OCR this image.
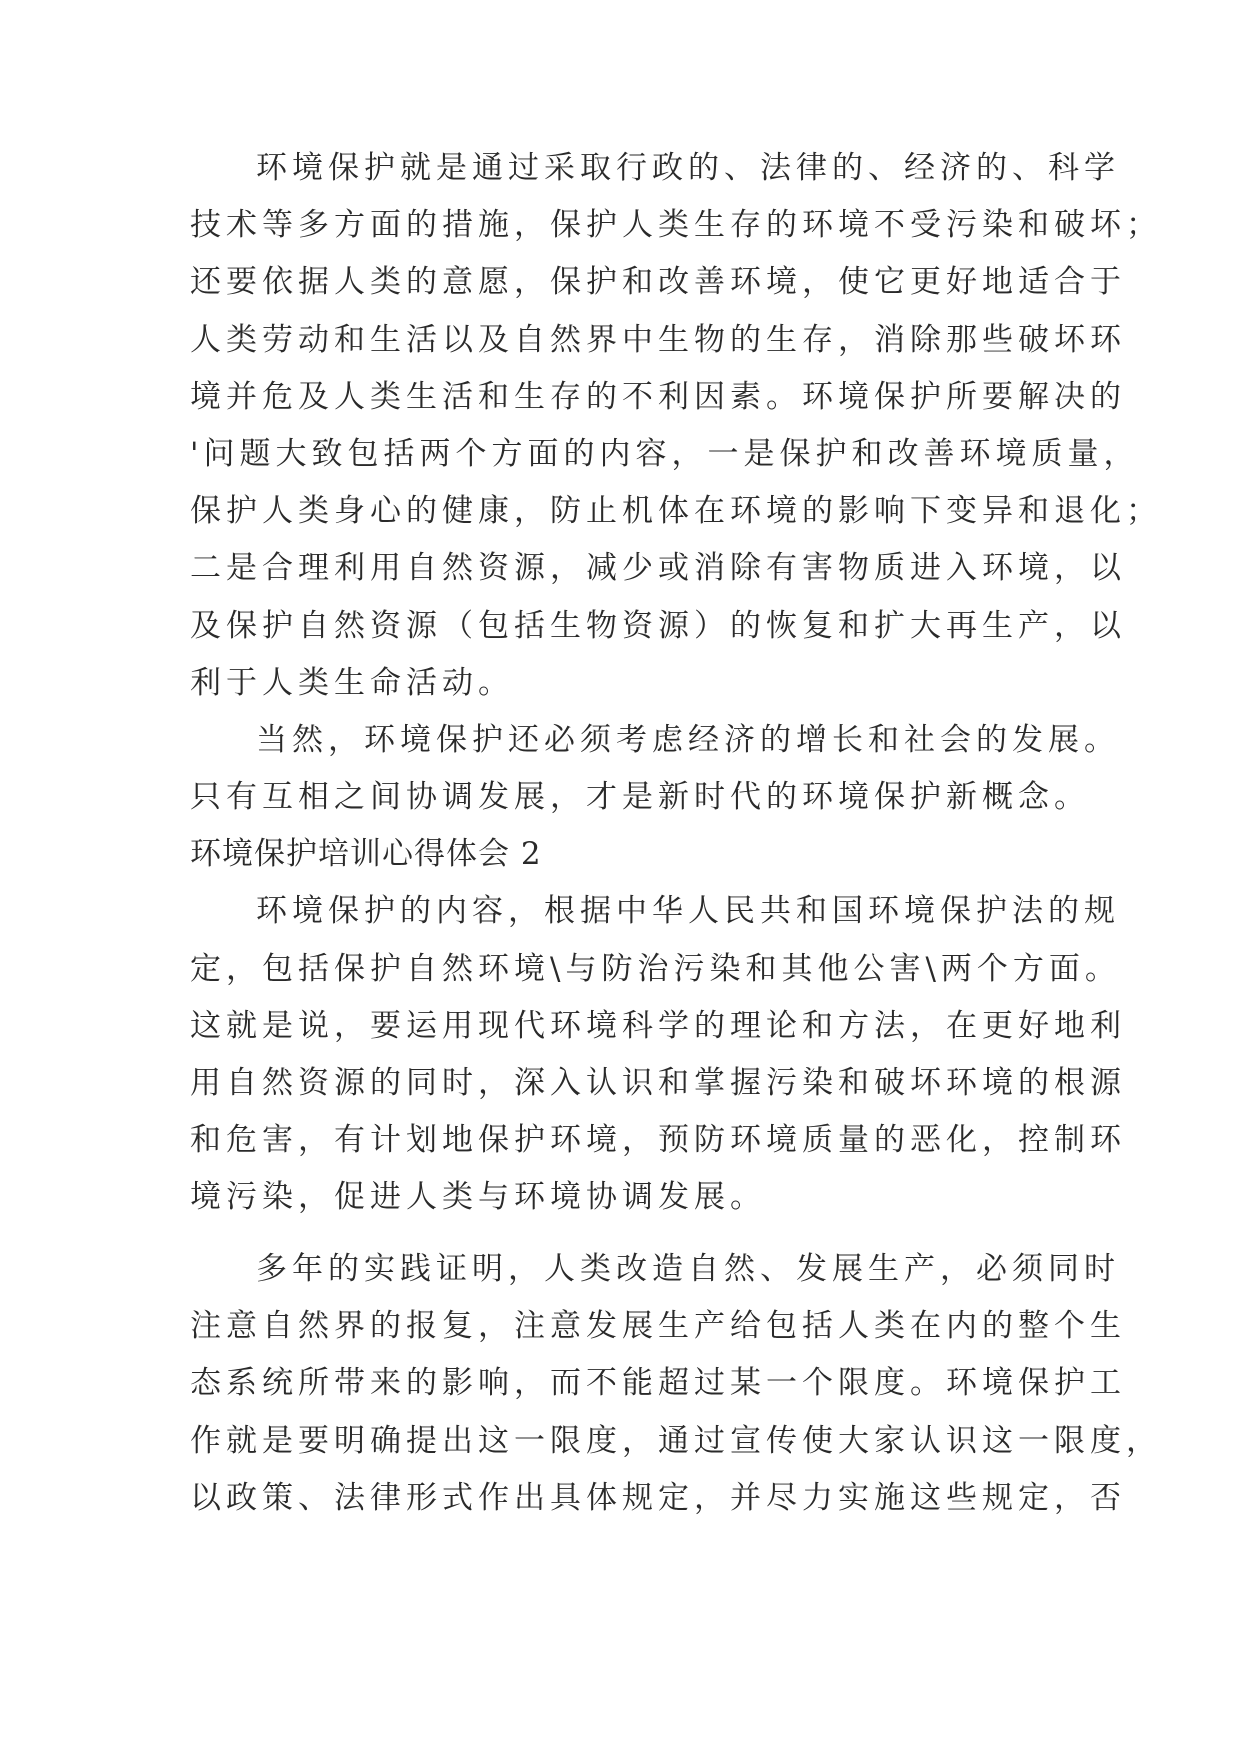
环境保护就是通过采取行政的、法律的、经济的、科学
技术等多方面的措施，保护人类生存的环境不受污染和破坏；
还要依据人类的意愿，保护和改善环境，使它更好地适合于
人类劳动和生活以及自然界中生物的生存，消除那些破坏环
境并危及人类生活和生存的不利因素。环境保护所要解决的
'问题大致包括两个方面的内容，一是保护和改善环境质量，
保护人类身心的健康，防止机体在环境的影响下变异和退化；
二是合理利用自然资源，减少或消除有害物质进入环境，以
及保护自然资源（包括生物资源）的恢复和扩大再生产，以
利于人类生命活动。
当然，环境保护还必须考虑经济的增长和社会的发展。
只有互相之间协调发展，才是新时代的环境保护新概念。
环境保护培训心得体会 2
环境保护的内容，根据中华人民共和国环境保护法的规
定，包括保护自然环境\与防治污染和其他公害\两个方面。
这就是说，要运用现代环境科学的理论和方法，在更好地利
用自然资源的同时，深入认识和掌握污染和破坏环境的根源
和危害，有计划地保护环境，预防环境质量的恶化，控制环
境污染，促进人类与环境协调发展。
多年的实践证明，人类改造自然、发展生产，必须同时
注意自然界的报复，注意发展生产给包括人类在内的整个生
态系统所带来的影响，而不能超过某一个限度。环境保护工
作就是要明确提出这一限度，通过宣传使大家认识这一限度，
以政策、法律形式作出具体规定，并尽力实施这些规定，否
